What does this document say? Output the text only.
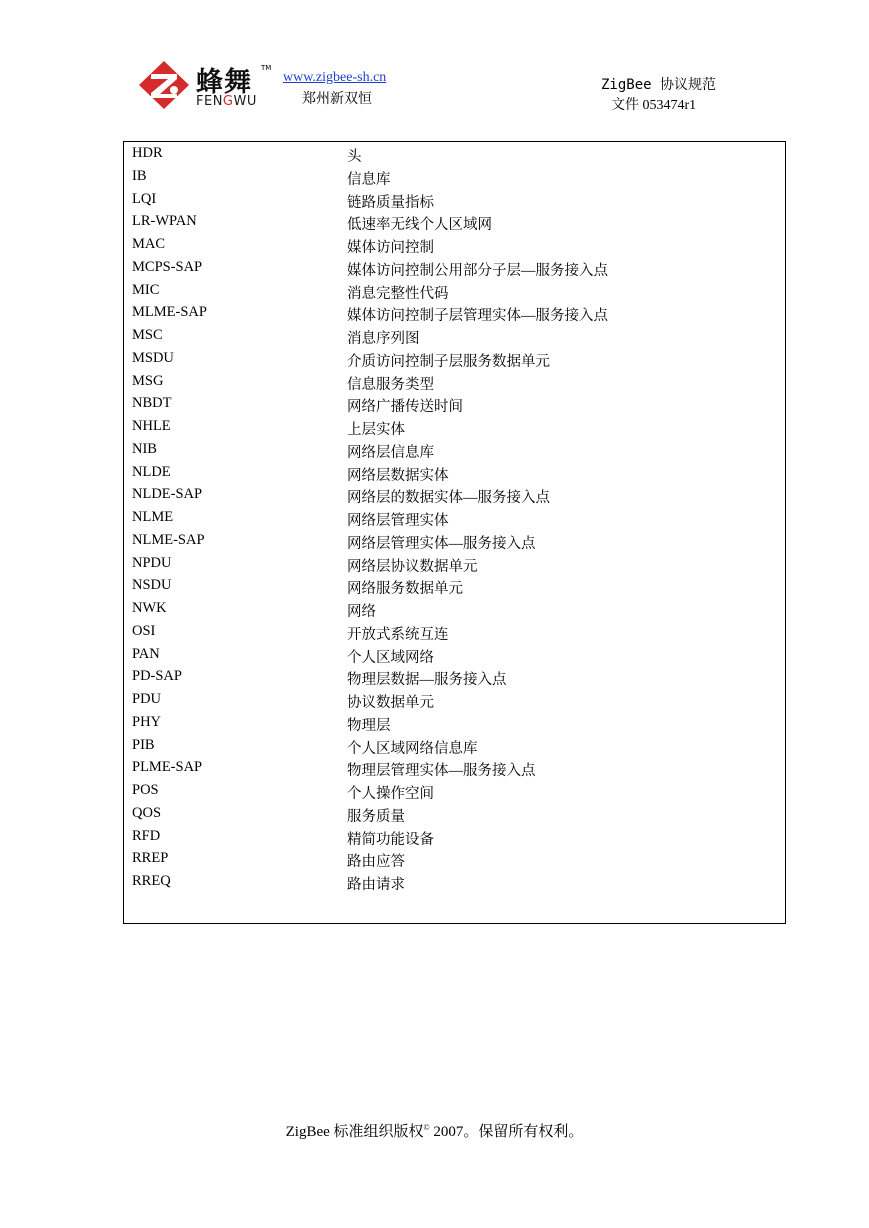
蜂舞 TM
FENGWU
www.zigbee-sh.cn
郑州新双恒
ZigBee 协议规范
文件 053474r1
HDR	头
IB	信息库
LQI	链路质量指标
LR-WPAN	低速率无线个人区域网
MAC	媒体访问控制
MCPS-SAP	媒体访问控制公用部分子层—服务接入点
MIC	消息完整性代码
MLME-SAP	媒体访问控制子层管理实体—服务接入点
MSC	消息序列图
MSDU	介质访问控制子层服务数据单元
MSG	信息服务类型
NBDT	网络广播传送时间
NHLE	上层实体
NIB	网络层信息库
NLDE	网络层数据实体
NLDE-SAP	网络层的数据实体—服务接入点
NLME	网络层管理实体
NLME-SAP	网络层管理实体—服务接入点
NPDU	网络层协议数据单元
NSDU	网络服务数据单元
NWK	网络
OSI	开放式系统互连
PAN	个人区域网络
PD-SAP	物理层数据—服务接入点
PDU	协议数据单元
PHY	物理层
PIB	个人区域网络信息库
PLME-SAP	物理层管理实体—服务接入点
POS	个人操作空间
QOS	服务质量
RFD	精简功能设备
RREP	路由应答
RREQ	路由请求
ZigBee 标准组织版权© 2007。保留所有权利。
